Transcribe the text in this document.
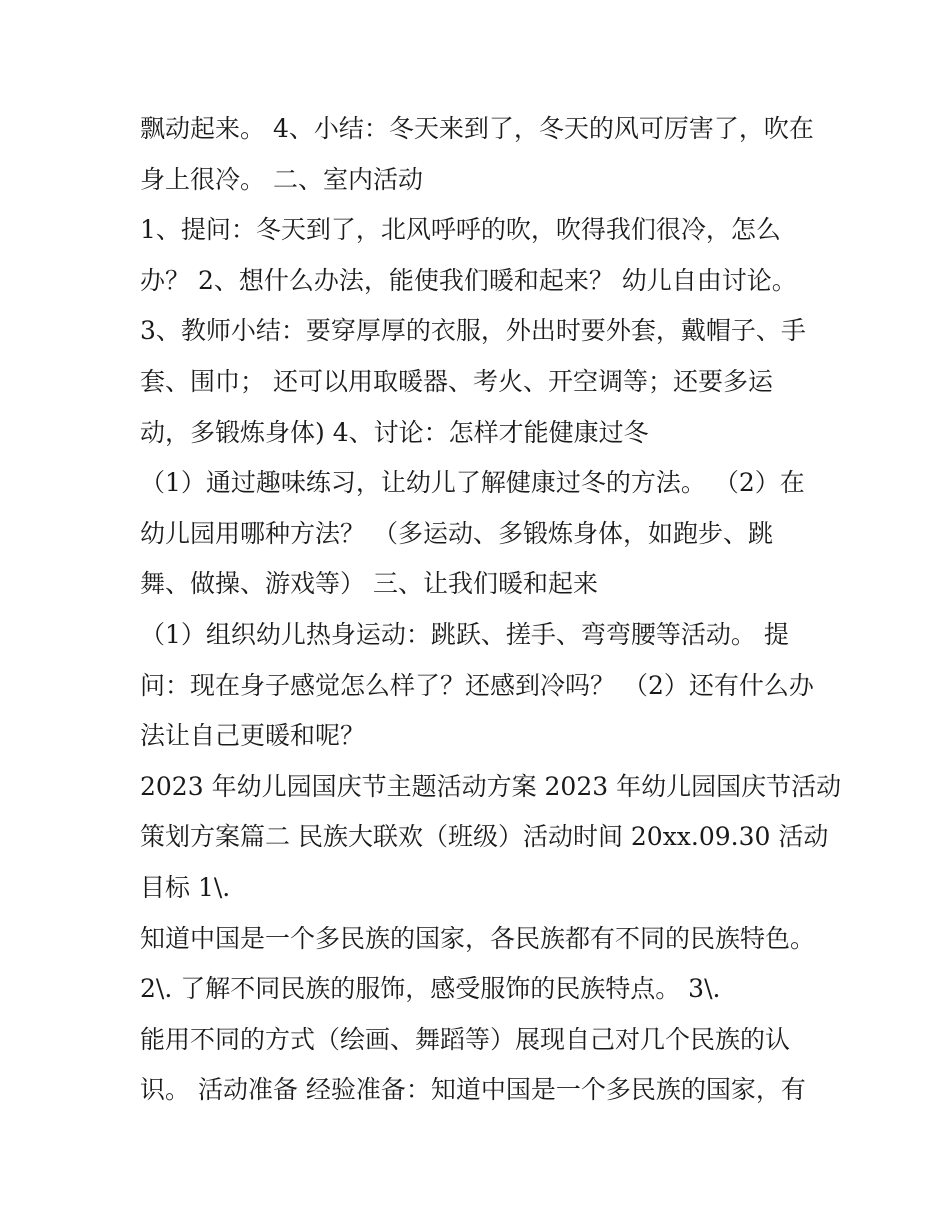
飘动起来。 4、小结：冬天来到了，冬天的风可厉害了，吹在
身上很冷。 二、室内活动
1、提问：冬天到了，北风呼呼的吹，吹得我们很冷，怎么
办？ 2、想什么办法，能使我们暖和起来？ 幼儿自由讨论。
3、教师小结：要穿厚厚的衣服，外出时要外套，戴帽子、手
套、围巾； 还可以用取暖器、考火、开空调等；还要多运
动，多锻炼身体) 4、讨论：怎样才能健康过冬
（1）通过趣味练习，让幼儿了解健康过冬的方法。 （2）在
幼儿园用哪种方法？ （多运动、多锻炼身体，如跑步、跳
舞、做操、游戏等） 三、让我们暖和起来
（1）组织幼儿热身运动：跳跃、搓手、弯弯腰等活动。 提
问：现在身子感觉怎么样了？还感到冷吗？ （2）还有什么办
法让自己更暖和呢？
2023 年幼儿园国庆节主题活动方案 2023 年幼儿园国庆节活动
策划方案篇二 民族大联欢（班级）活动时间 20xx.09.30 活动
目标 1\.
知道中国是一个多民族的国家，各民族都有不同的民族特色。
2\. 了解不同民族的服饰，感受服饰的民族特点。 3\.
能用不同的方式（绘画、舞蹈等）展现自己对几个民族的认
识。 活动准备 经验准备：知道中国是一个多民族的国家，有
